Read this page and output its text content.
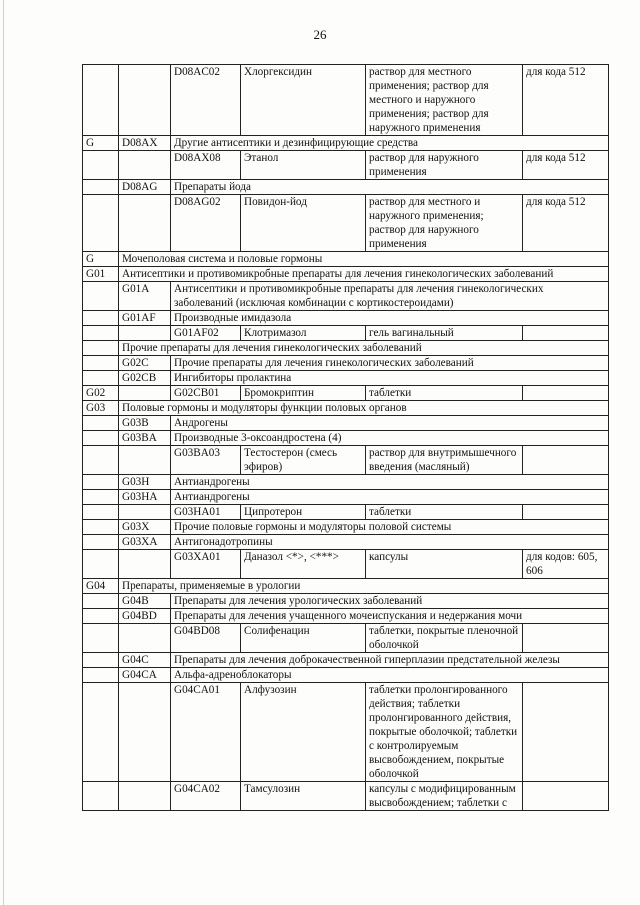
26
		D08AC02	Хлоргексидин	раствор для местного применения; раствор для местного и наружного применения; раствор для наружного применения	для кода 512
G	D08AX	Другие антисептики и дезинфицирующие средства			
		D08AX08	Этанол	раствор для наружного применения	для кода 512
	D08AG	Препараты йода			
		D08AG02	Повидон-йод	раствор для местного и наружного применения; раствор для наружного применения	для кода 512
G	Мочеполовая система и половые гормоны				
G01	Антисептики и противомикробные препараты для лечения гинекологических заболеваний				
	G01A	Антисептики и противомикробные препараты для лечения гинекологических заболеваний (исключая комбинации с кортикостероидами)			
	G01AF	Производные имидазола			
		G01AF02	Клотримазол	гель вагинальный	
	Прочие препараты для лечения гинекологических заболеваний				
	G02C	Прочие препараты для лечения гинекологических заболеваний			
	G02CB	Ингибиторы пролактина			
G02		G02CB01	Бромокриптин	таблетки	
G03	Половые гормоны и модуляторы функции половых органов				
	G03B	Андрогены			
	G03BA	Производные 3-оксоандростена (4)			
		G03BA03	Тестостерон (смесь эфиров)	раствор для внутримышечного введения (масляный)	
	G03H	Антиандрогены			
	G03HA	Антиандрогены			
		G03HA01	Ципротерон	таблетки	
	G03X	Прочие половые гормоны и модуляторы половой системы			
	G03XA	Антигонадотропины			
		G03XA01	Даназол <*>, <***>	капсулы	для кодов: 605, 606
G04	Препараты, применяемые в урологии				
	G04B	Препараты для лечения урологических заболеваний			
	G04BD	Препараты для лечения учащенного мочеиспускания и недержания мочи			
		G04BD08	Солифенацин	таблетки, покрытые пленочной оболочкой	
	G04C	Препараты для лечения доброкачественной гиперплазии предстательной железы			
	G04CA	Альфа-адреноблокаторы			
		G04CA01	Алфузозин	таблетки пролонгированного действия; таблетки пролонгированного действия, покрытые оболочкой; таблетки с контролируемым высвобождением, покрытые оболочкой	
		G04CA02	Тамсулозин	капсулы с модифицированным высвобождением; таблетки с	
